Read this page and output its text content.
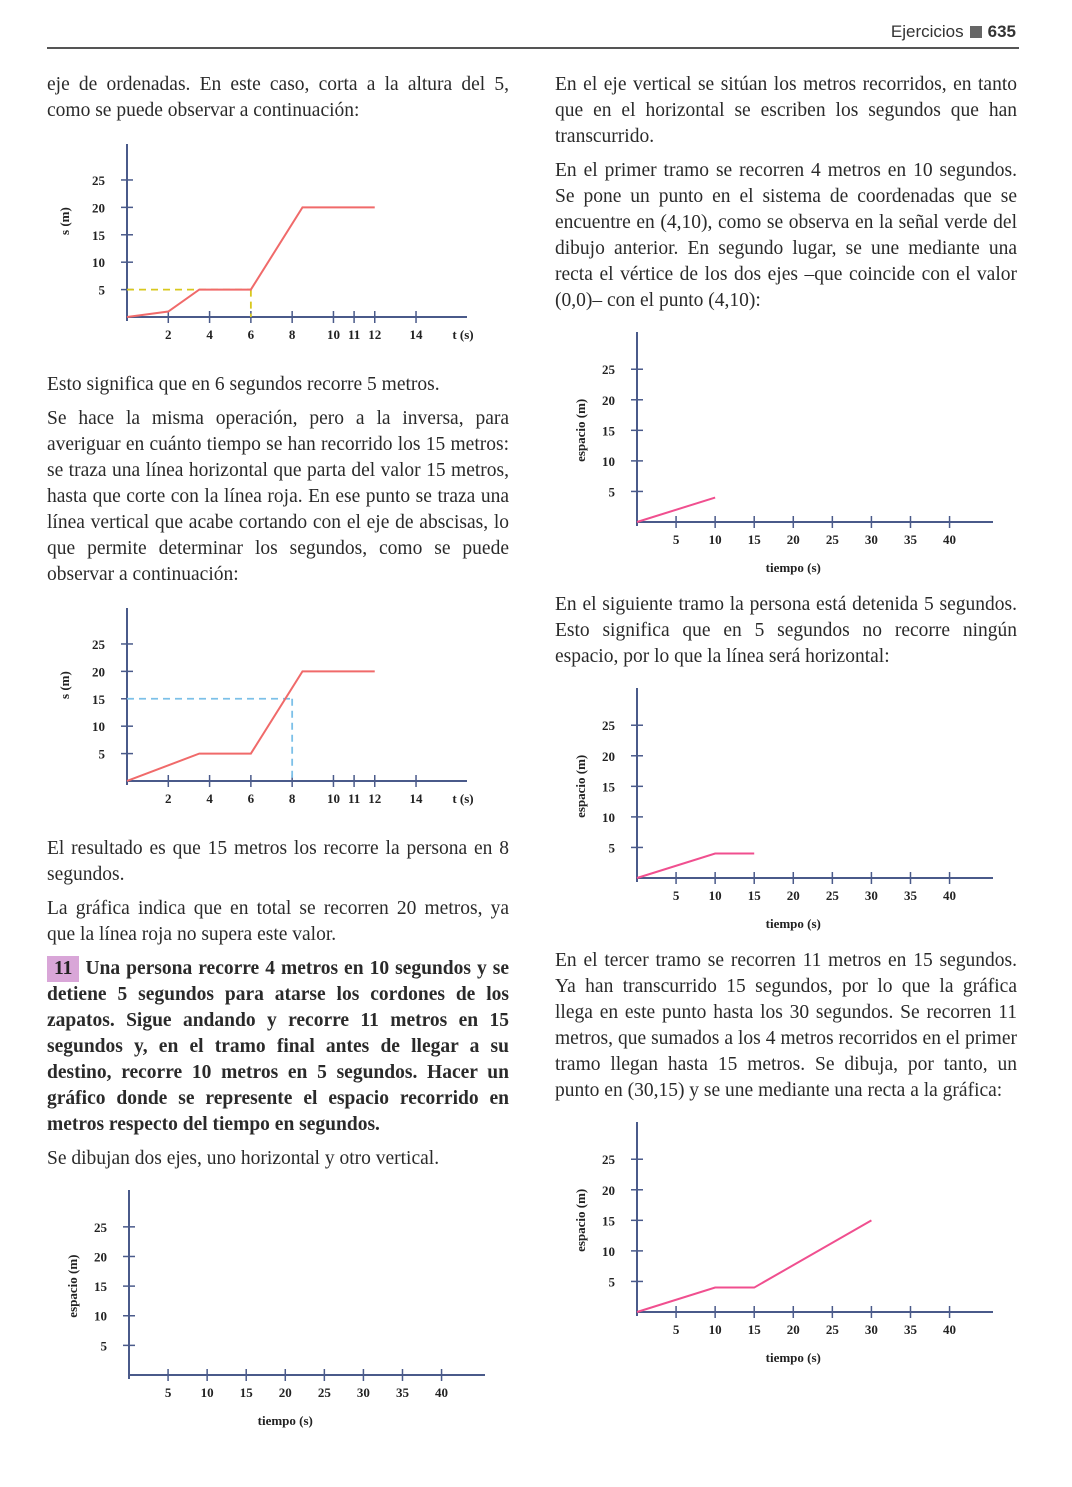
Ejercicios 635

eje de ordenadas. En este caso, corta a la altura del 5, como se puede observar a continuación:

2	4	6	8 10 11 12 14
5
10
15
20
25
t (s)
s (m)

Esto significa que en 6 segundos recorre 5 metros.

Se hace la misma operación, pero a la inversa, para averiguar en cuánto tiempo se han recorrido los 15 metros: se traza una línea horizontal que parta del valor 15 metros, hasta que corte con la línea roja. En ese punto se traza una línea vertical que acabe cortando con el eje de abscisas, lo que permite determinar los segundos, como se puede observar a continuación:

2	4	6	8 10 11 12 14
5
10
15
20
25
t (s)
s (m)

El resultado es que 15 metros los recorre la persona en 8 segundos.

La gráfica indica que en total se recorren 20 metros, ya que la línea roja no supera este valor.

11 Una persona recorre 4 metros en 10 segundos y se detiene 5 segundos para atarse los cordones de los zapatos. Sigue andando y recorre 11 metros en 15 segundos y, en el tramo final antes de llegar a su destino, recorre 10 metros en 5 segundos. Hacer un gráfico donde se represente el espacio recorrido en metros respecto del tiempo en segundos.

Se dibujan dos ejes, uno horizontal y otro vertical.

5 10 15 20 25 30 35 40
5
10
15
20
25
tiempo (s)
espacio (m)

En el eje vertical se sitúan los metros recorridos, en tanto que en el horizontal se escriben los segundos que han transcurrido.

En el primer tramo se recorren 4 metros en 10 segundos. Se pone un punto en el sistema de coordenadas que se encuentre en (4,10), como se observa en la señal verde del dibujo anterior. En segundo lugar, se une mediante una recta el vértice de los dos ejes –que coincide con el valor (0,0)– con el punto (4,10):

5 10 15 20 25 30 35 40
5
10
15
20
25
tiempo (s)
espacio (m)

En el siguiente tramo la persona está detenida 5 segundos. Esto significa que en 5 segundos no recorre ningún espacio, por lo que la línea será horizontal:

5 10 15 20 25 30 35 40
5
10
15
20
25
tiempo (s)
espacio (m)

En el tercer tramo se recorren 11 metros en 15 segundos. Ya han transcurrido 15 segundos, por lo que la gráfica llega en este punto hasta los 30 segundos. Se recorren 11 metros, que sumados a los 4 metros recorridos en el primer tramo llegan hasta 15 metros. Se dibuja, por tanto, un punto en (30,15) y se une mediante una recta a la gráfica:

5 10 15 20 25 30 35 40
5
10
15
20
25
tiempo (s)
espacio (m)
